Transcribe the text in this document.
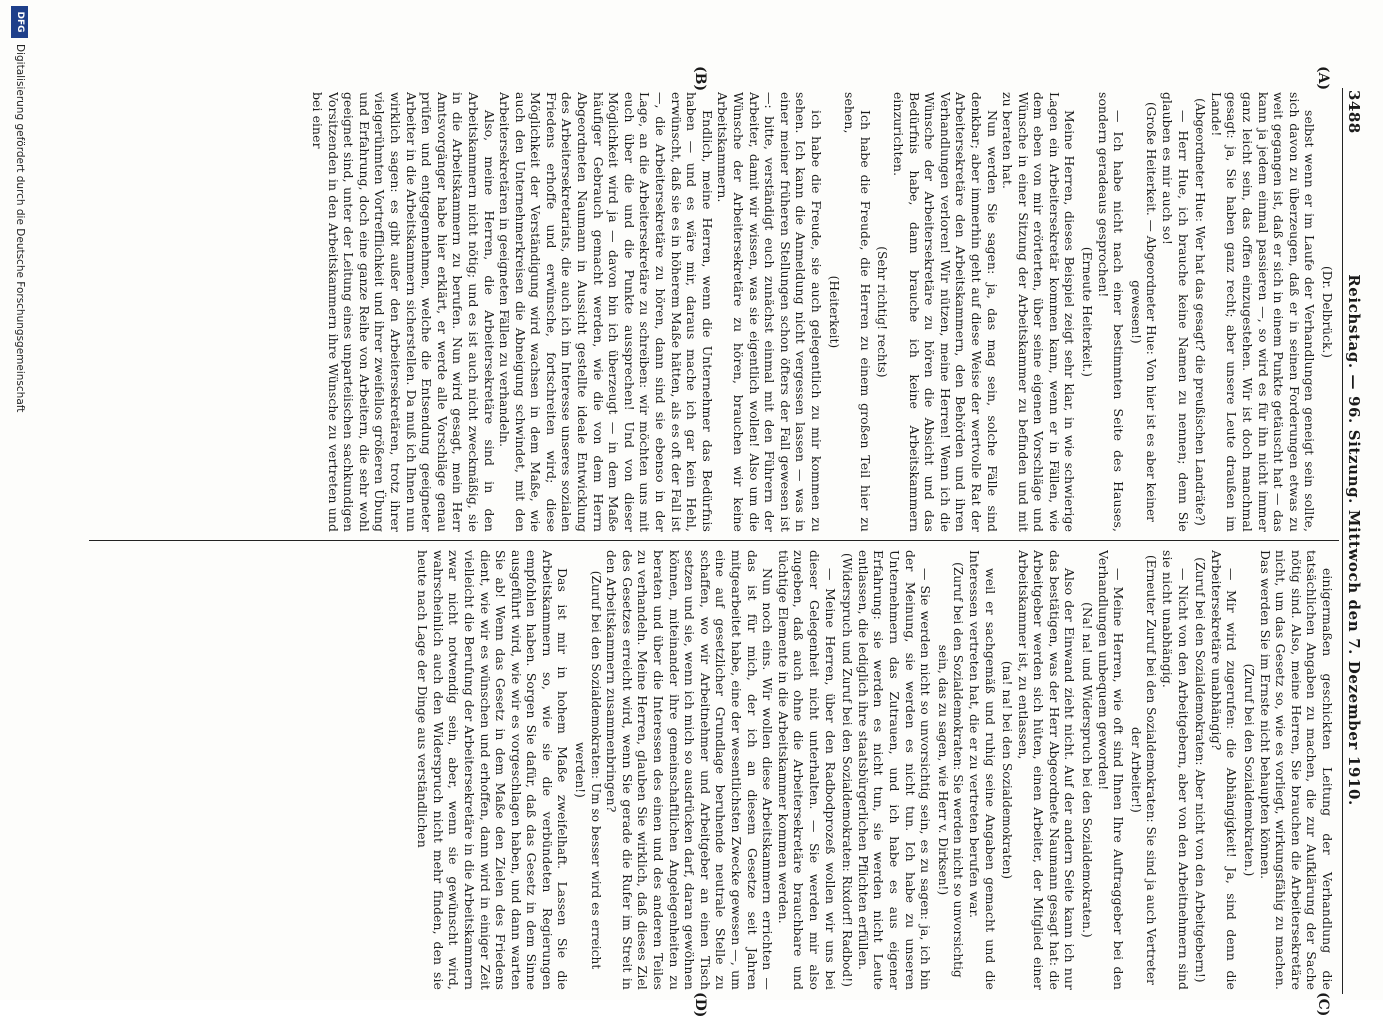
3488
Reichstag. — 96. Sitzung. Mittwoch den 7. Dezember 1910.
(A)
(B)
(C)
(D)

(Dr. Delbrück.)

selbst wenn er im Laufe der Verhandlungen geneigt sein sollte, sich davon zu überzeugen, daß er in seinen Forderungen etwas zu weit gegangen ist, daß er sich in einem Punkte getäuscht hat — das kann ja jedem einmal passieren —, so wird es für ihn nicht immer ganz leicht sein, das offen einzugestehen. Wir ist doch manchmal gesagt: ja, Sie haben ganz recht; aber unsere Leute draußen im Lande!

(Abgeordneter Hue: Wer hat das gesagt? die preußischen Landräte?)

— Herr Hue, ich brauche keine Namen zu nennen; denn Sie glauben es mir auch so!

(Große Heiterkeit. — Abgeordneter Hue: Von hier ist es aber keiner gewesen!)

— Ich habe nicht nach einer bestimmten Seite des Hauses, sondern geradeaus gesprochen!

(Erneute Heiterkeit.)

Meine Herren, dieses Beispiel zeigt sehr klar, in wie schwierige Lagen ein Arbeitersekretär kommen kann, wenn er in Fällen, wie dem eben von mir erörterten, über seine eigenen Vorschläge und Wünsche in einer Sitzung der Arbeitskammer zu befinden und mit zu beraten hat.

Nun werden Sie sagen: ja, das mag sein, solche Fälle sind denkbar; aber immerhin geht auf diese Weise der wertvolle Rat der Arbeitersekretäre den Arbeitskammern, den Behörden und ihren Verhandlungen verloren! Wir nützen, meine Herren! Wenn ich die Wünsche der Arbeitersekretäre zu hören die Absicht und das Bedürfnis habe, dann brauche ich keine Arbeitskammern einzurichten.

(Sehr richtig! rechts)

Ich habe die Freude, die Herren zu einem großen Teil hier zu sehen,

(Heiterkeit)

ich habe die Freude, sie auch gelegentlich zu mir kommen zu sehen. Ich kann die Anmeldung nicht vergessen lassen — was in einer meiner früheren Stellungen schon öfters der Fall gewesen ist —: bitte, verständigt euch zunächst einmal mit den Führern der Arbeiter, damit wir wissen, was sie eigentlich wollen! Also um die Wünsche der Arbeitersekretäre zu hören, brauchen wir keine Arbeitskammern.

Endlich, meine Herren, wenn die Unternehmer das Bedürfnis haben — und es wäre mir, daraus mache ich gar kein Hehl, erwünscht, daß sie es in höherem Maße hätten, als es oft der Fall ist —, die Arbeitersekretäre zu hören, dann sind sie ebenso in der Lage, an die Arbeitersekretäre zu schreiben: wir möchten uns mit euch über die und die Punkte aussprechen! Und von dieser Möglichkeit wird ja — davon bin ich überzeugt — in dem Maße häufiger Gebrauch gemacht werden, wie die von dem Herrn Abgeordneten Naumann in Aussicht gestellte ideale Entwicklung des Arbeitersekretariats, die auch ich im Interesse unseres sozialen Friedens erhoffe und erwünsche, fortschreiten wird; diese Möglichkeit der Verständigung wird wachsen in dem Maße, wie auch den Unternehmerkreisen die Abneigung schwindet, mit den Arbeitersekretären in geeigneten Fällen zu verhandeln.

Also, meine Herren, die Arbeitersekretäre sind in den Arbeitskammern nicht nötig; und es ist auch nicht zweckmäßig, sie in die Arbeitskammern zu berufen. Nun wird gesagt, mein Herr Amtsvorgänger habe hier erklärt, er werde alle Vorschläge genau prüfen und entgegennehmen, welche die Entsendung geeigneter Arbeiter in die Arbeitskammern sicherstellen. Da muß ich Ihnen nun wirklich sagen: es gibt außer den Arbeitersekretären, trotz ihrer vielgerühmten Vortrefflichkeit und ihrer zweifellos größeren Übung und Erfahrung, doch eine ganze Reihe von Arbeitern, die sehr wohl geeignet sind, unter der Leitung eines unparteiischen sachkundigen Vorsitzenden in den Arbeitskammern ihre Wünsche zu vertreten und bei einer

einigermaßen geschickten Leitung der Verhandlung die tatsächlichen Angaben zu machen, die zur Aufklärung der Sache nötig sind. Also, meine Herren, Sie brauchen die Arbeitersekretäre nicht, um das Gesetz so, wie es vorliegt, wirkungsfähig zu machen. Das werden Sie im Ernste nicht behaupten können.

(Zuruf bei den Sozialdemokraten.)

— Mir wird zugerufen: die Abhängigkeit! Ja, sind denn die Arbeitersekretäre unabhängig?

(Zuruf bei den Sozialdemokraten: Aber nicht von den Arbeitgebern!)

— Nicht von den Arbeitgebern, aber von den Arbeitnehmern sind sie nicht unabhängig.

(Erneuter Zuruf bei den Sozialdemokraten: Sie sind ja auch Vertreter der Arbeiter!)

— Meine Herren, wie oft sind Ihnen Ihre Auftraggeber bei den Verhandlungen unbequem geworden!

(Na! na! und Widerspruch bei den Sozialdemokraten.)

Also der Einwand zieht nicht. Auf der andern Seite kann ich nur das bestätigen, was der Herr Abgeordnete Naumann gesagt hat: die Arbeitgeber werden sich hüten, einen Arbeiter, der Mitglied einer Arbeitskammer ist, zu entlassen,

(na! na! bei den Sozialdemokraten)

weil er sachgemäß und ruhig seine Angaben gemacht und die Interessen vertreten hat, die er zu vertreten berufen war.

(Zuruf bei den Sozialdemokraten: Sie werden nicht so unvorsichtig sein, das zu sagen, wie Herr v. Dirksen!)

— Sie werden nicht so unvorsichtig sein, es zu sagen: ja, ich bin der Meinung, sie werden es nicht tun. Ich habe zu unseren Unternehmern das Zutrauen, und ich habe es aus eigener Erfahrung: sie werden es nicht tun, sie werden nicht Leute entlassen, die lediglich ihre staatsbürgerlichen Pflichten erfüllen.

(Widerspruch und Zuruf bei den Sozialdemokraten: Rixdorf! Radbod!)

— Meine Herren, über den Radbodprozeß wollen wir uns bei dieser Gelegenheit nicht unterhalten. — Sie werden mir also zugeben, daß auch ohne die Arbeitersekretäre brauchbare und tüchtige Elemente in die Arbeitskammer kommen werden.

Nun noch eins. Wir wollen diese Arbeitskammern errichten — das ist für mich, der ich an diesem Gesetze seit Jahren mitgearbeitet habe, eine der wesentlichsten Zwecke gewesen —, um eine auf gesetzlicher Grundlage beruhende neutrale Stelle zu schaffen, wo wir Arbeitnehmer und Arbeitgeber an einen Tisch setzen und sie, wenn ich mich so ausdrücken darf, daran gewöhnen können, miteinander ihre gemeinschaftlichen Angelegenheiten zu beraten und über die Interessen des einen und des anderen Teiles zu verhandeln. Meine Herren, glauben Sie wirklich, daß dieses Ziel des Gesetzes erreicht wird, wenn Sie gerade die Rufer im Streit in den Arbeitskammern zusammenbringen?

(Zuruf bei den Sozialdemokraten: Um so besser wird es erreicht werden!)

Das ist mir in hohem Maße zweifelhaft. Lassen Sie die Arbeitskammern so, wie sie die verbündeten Regierungen empfohlen haben. Sorgen Sie dafür, daß das Gesetz in dem Sinne ausgeführt wird, wie wir es vorgeschlagen haben, und dann warten Sie ab! Wenn das Gesetz in dem Maße den Zielen des Friedens dient, wie wir es wünschen und erhoffen, dann wird in einiger Zeit vielleicht die Berufung der Arbeitersekretäre in die Arbeitskammern zwar nicht notwendig sein, aber, wenn sie gewünscht wird, wahrscheinlich auch den Widerspruch nicht mehr finden, den sie heute nach Lage der Dinge aus verständlichen

DFG
Digitalisierung gefördert durch die Deutsche Forschungsgemeinschaft
